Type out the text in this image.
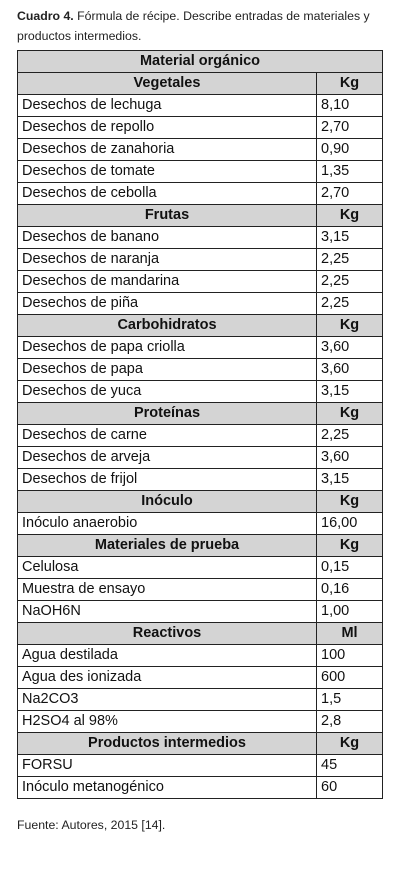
Cuadro 4. Fórmula de récipe. Describe entradas de materiales y productos intermedios.
Material orgánico	
Vegetales	Kg
Desechos de lechuga	8,10
Desechos de repollo	2,70
Desechos de zanahoria	0,90
Desechos de tomate	1,35
Desechos de cebolla	2,70
Frutas	Kg
Desechos de banano	3,15
Desechos de naranja	2,25
Desechos de mandarina	2,25
Desechos de piña	2,25
Carbohidratos	Kg
Desechos de papa criolla	3,60
Desechos de papa	3,60
Desechos de yuca	3,15
Proteínas	Kg
Desechos de carne	2,25
Desechos de arveja	3,60
Desechos de frijol	3,15
Inóculo	Kg
Inóculo anaerobio	16,00
Materiales de prueba	Kg
Celulosa	0,15
Muestra de ensayo	0,16
NaOH6N	1,00
Reactivos	Ml
Agua destilada	100
Agua des ionizada	600
Na2CO3	1,5
H2SO4 al 98%	2,8
Productos intermedios	Kg
FORSU	45
Inóculo metanogénico	60
Fuente: Autores, 2015 [14].
